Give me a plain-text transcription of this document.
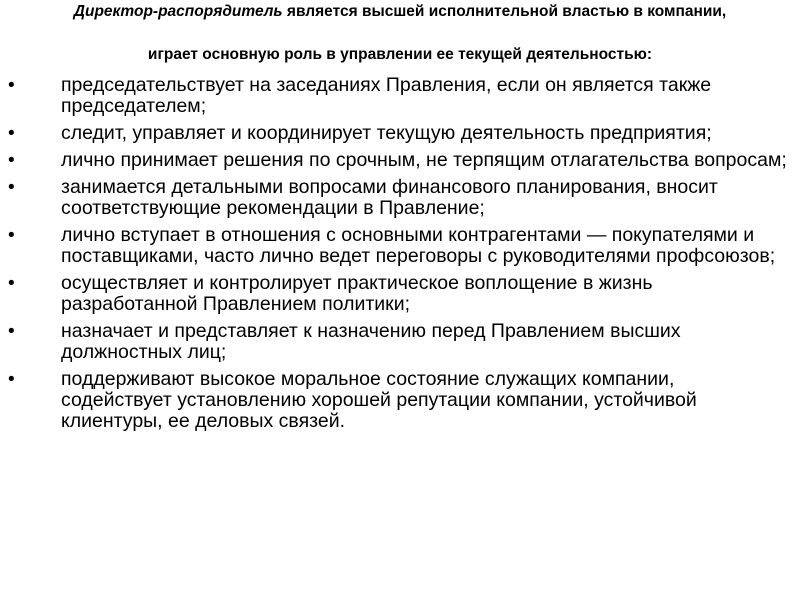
Директор-распорядитель является высшей исполнительной властью в компании,
играет основную роль в управлении ее текущей деятельностью:
• председательствует на заседаниях Правления, если он является также председателем;
• следит, управляет и координирует текущую деятельность предприятия;
• лично принимает решения по срочным, не терпящим отлагательства вопросам;
• занимается детальными вопросами финансового планирования, вносит соответствующие рекомендации в Правление;
• лично вступает в отношения с основными контрагентами — покупателями и поставщиками, часто лично ведет переговоры с руководителями профсоюзов;
• осуществляет и контролирует практическое воплощение в жизнь разработанной Правлением политики;
• назначает и представляет к назначению перед Правлением высших должностных лиц;
• поддерживают высокое моральное состояние служащих компании, содействует установлению хорошей репутации компании, устойчивой клиентуры, ее деловых связей.
